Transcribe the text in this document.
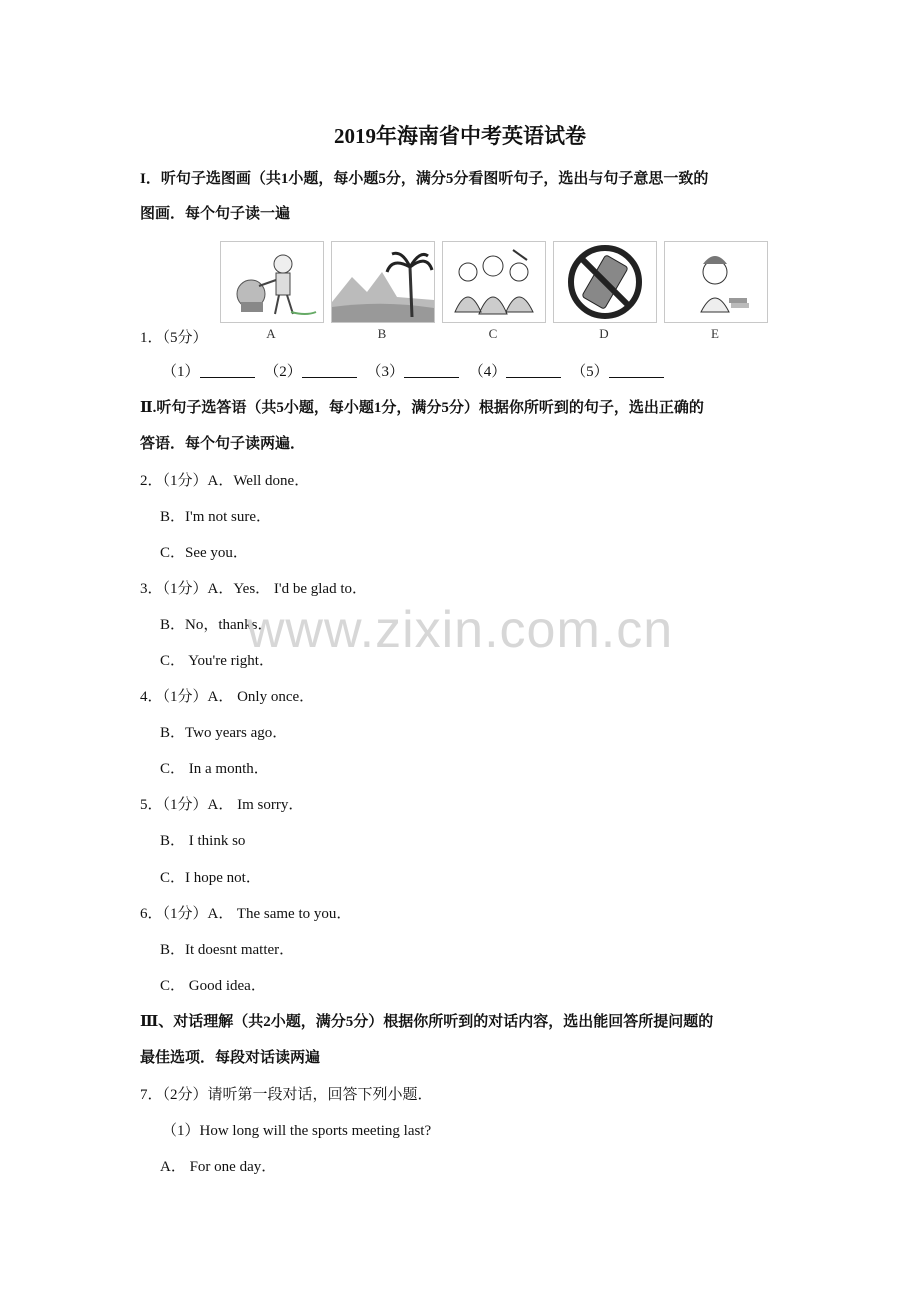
2019年海南省中考英语试卷
I．听句子选图画（共1小题，每小题5分，满分5分看图听句子，选出与句子意思一致的
图画．每个句子读一遍
A	B	C	D	E
1．（5分）
（1）	（2）	（3）	（4）	（5）
Ⅱ.听句子选答语（共5小题，每小题1分，满分5分）根据你所听到的句子，选出正确的
答语．每个句子读两遍．
2．（1分）A．Well done．
B．I'm not sure．
C．See you．
3．（1分）A．Yes． I'd be glad to．
B．No，thanks．
C． You're right．
4．（1分）A． Only once．
B．Two years ago．
C． In a month．
5．（1分）A． Im sorry．
B． I think so
C．I hope not．
6．（1分）A． The same to you．
B．It doesnt matter．
C． Good idea．
Ⅲ、对话理解（共2小题，满分5分）根据你所听到的对话内容，选出能回答所提问题的
最佳选项．每段对话读两遍
7．（2分）请听第一段对话，回答下列小题．
（1）How long will the sports meeting last?
A． For one day．
www.zixin.com.cn
